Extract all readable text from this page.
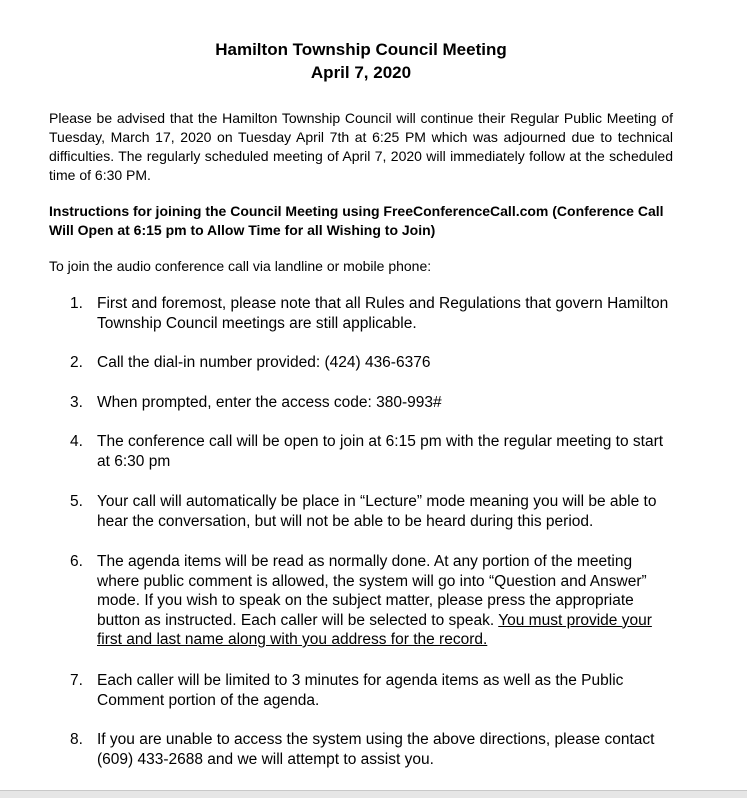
Hamilton Township Council Meeting
April 7, 2020

Please be advised that the Hamilton Township Council will continue their Regular Public Meeting of Tuesday, March 17, 2020 on Tuesday April 7th at 6:25 PM which was adjourned due to technical difficulties. The regularly scheduled meeting of April 7, 2020 will immediately follow at the scheduled time of 6:30 PM.

Instructions for joining the Council Meeting using FreeConferenceCall.com (Conference Call Will Open at 6:15 pm to Allow Time for all Wishing to Join)

To join the audio conference call via landline or mobile phone:

1. First and foremost, please note that all Rules and Regulations that govern Hamilton Township Council meetings are still applicable.
2. Call the dial-in number provided: (424) 436-6376
3. When prompted, enter the access code: 380-993#
4. The conference call will be open to join at 6:15 pm with the regular meeting to start at 6:30 pm
5. Your call will automatically be place in “Lecture” mode meaning you will be able to hear the conversation, but will not be able to be heard during this period.
6. The agenda items will be read as normally done. At any portion of the meeting where public comment is allowed, the system will go into “Question and Answer” mode. If you wish to speak on the subject matter, please press the appropriate button as instructed. Each caller will be selected to speak. You must provide your first and last name along with you address for the record.
7. Each caller will be limited to 3 minutes for agenda items as well as the Public Comment portion of the agenda.
8. If you are unable to access the system using the above directions, please contact (609) 433-2688 and we will attempt to assist you.
